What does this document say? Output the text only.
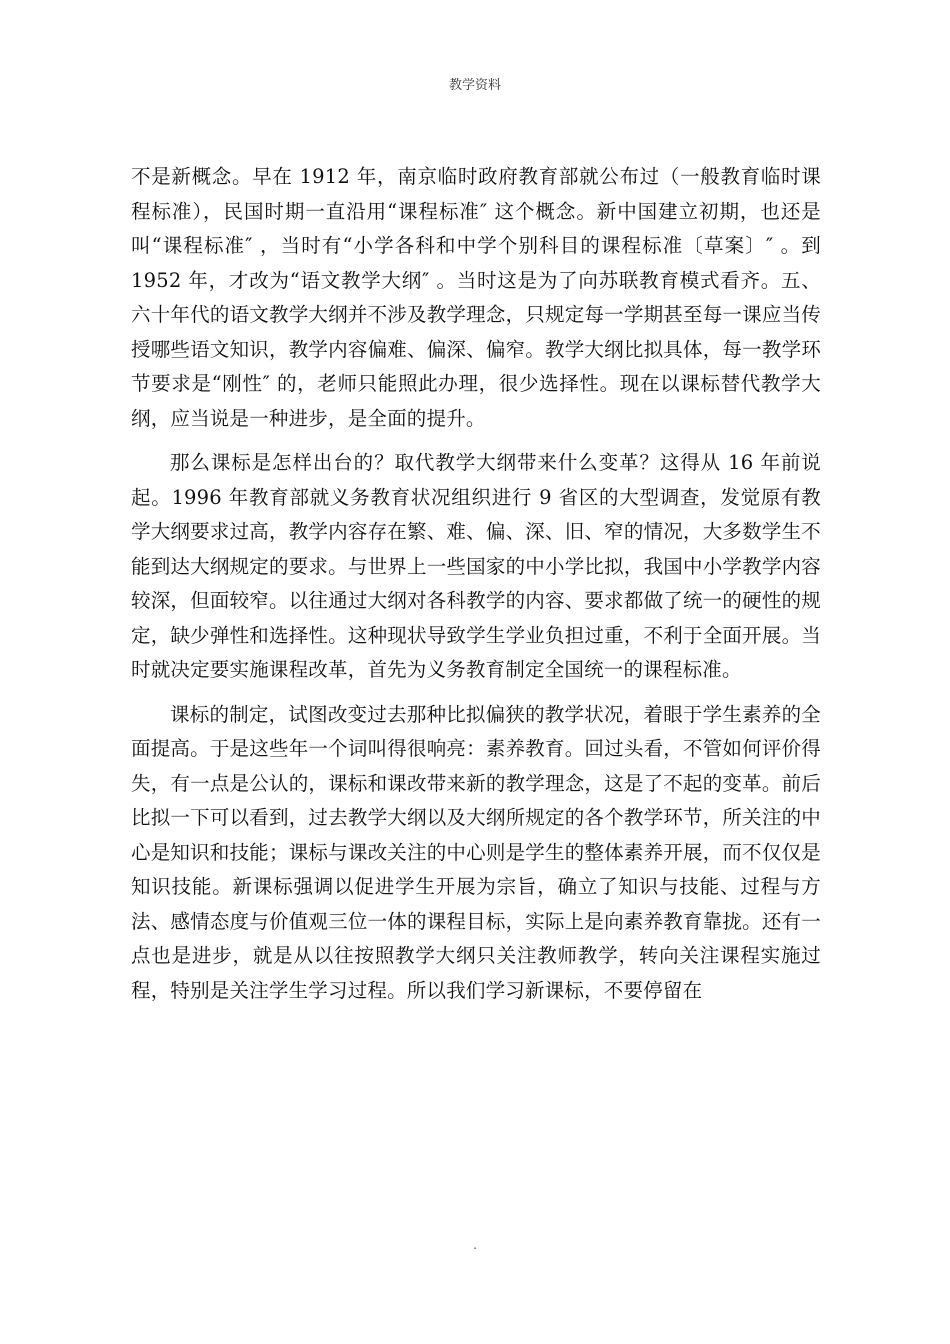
教学资料

不是新概念。早在 1912 年，南京临时政府教育部就公布过（一般教育临时课程标准），民国时期一直沿用“课程标准″ 这个概念。新中国建立初期，也还是叫“课程标准″ ，当时有“小学各科和中学个别科目的课程标准〔草案〕″ 。到 1952 年，才改为“语文教学大纲″ 。当时这是为了向苏联教育模式看齐。五、六十年代的语文教学大纲并不涉及教学理念，只规定每一学期甚至每一课应当传授哪些语文知识，教学内容偏难、偏深、偏窄。教学大纲比拟具体，每一教学环节要求是“刚性″ 的，老师只能照此办理，很少选择性。现在以课标替代教学大纲，应当说是一种进步，是全面的提升。

那么课标是怎样出台的？取代教学大纲带来什么变革？这得从 16 年前说起。1996 年教育部就义务教育状况组织进行 9 省区的大型调查，发觉原有教学大纲要求过高，教学内容存在繁、难、偏、深、旧、窄的情况，大多数学生不能到达大纲规定的要求。与世界上一些国家的中小学比拟，我国中小学教学内容较深，但面较窄。以往通过大纲对各科教学的内容、要求都做了统一的硬性的规定，缺少弹性和选择性。这种现状导致学生学业负担过重，不利于全面开展。当时就决定要实施课程改革，首先为义务教育制定全国统一的课程标准。

课标的制定，试图改变过去那种比拟偏狭的教学状况，着眼于学生素养的全面提高。于是这些年一个词叫得很响亮：素养教育。回过头看，不管如何评价得失，有一点是公认的，课标和课改带来新的教学理念，这是了不起的变革。前后比拟一下可以看到，过去教学大纲以及大纲所规定的各个教学环节，所关注的中心是知识和技能；课标与课改关注的中心则是学生的整体素养开展，而不仅仅是知识技能。新课标强调以促进学生开展为宗旨，确立了知识与技能、过程与方法、感情态度与价值观三位一体的课程目标，实际上是向素养教育靠拢。还有一点也是进步，就是从以往按照教学大纲只关注教师教学，转向关注课程实施过程，特别是关注学生学习过程。所以我们学习新课标，不要停留在

.
